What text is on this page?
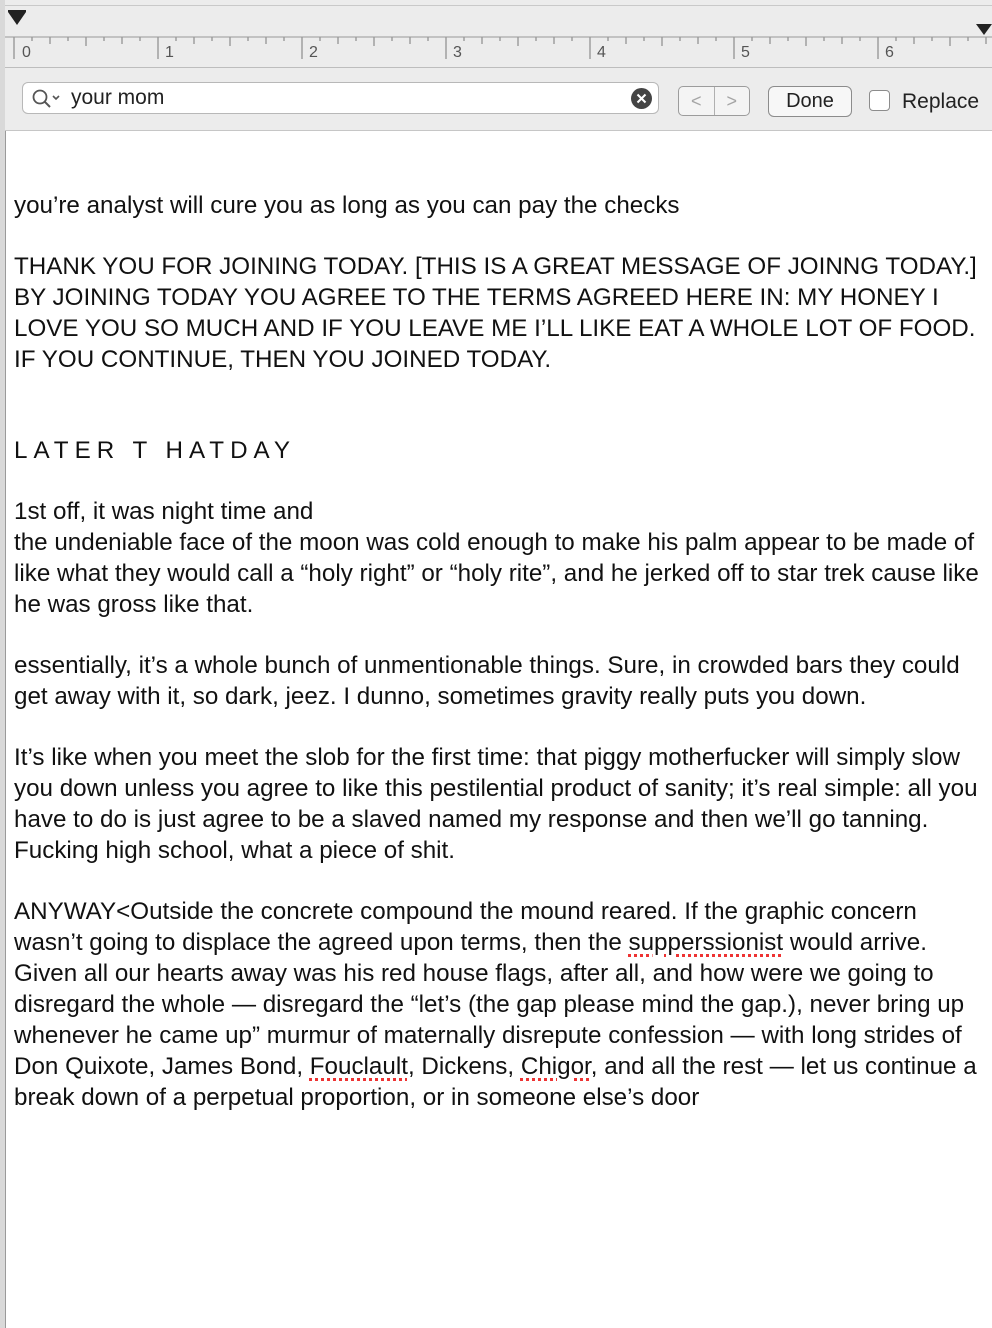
0	1	2	3	4	5	6
your mom
<	>	Done	Replace

you’re analyst will cure you as long as you can pay the checks

THANK YOU FOR JOINING TODAY. [THIS IS A GREAT MESSAGE OF JOINNG TODAY.] BY JOINING TODAY YOU AGREE TO THE TERMS AGREED HERE IN: MY HONEY I LOVE YOU SO MUCH AND IF YOU LEAVE ME I’LL LIKE EAT A WHOLE LOT OF FOOD. IF YOU CONTINUE, THEN YOU JOINED TODAY.

LATER T HATDAY

1st off, it was night time and

the undeniable face of the moon was cold enough to make his palm appear to be made of like what they would call a “holy right” or “holy rite”, and he jerked off to star trek cause like he was gross like that.

essentially, it’s a whole bunch of unmentionable things. Sure, in crowded bars they could get away with it, so dark, jeez. I dunno, sometimes gravity really puts you down.

It’s like when you meet the slob for the first time: that piggy motherfucker will simply slow you down unless you agree to like this pestilential product of sanity; it’s real simple: all you have to do is just agree to be a slaved named my response and then we’ll go tanning. Fucking high school, what a piece of shit.

ANYWAY<Outside the concrete compound the mound reared. If the graphic concern wasn’t going to displace the agreed upon terms, then the supperssionist would arrive. Given all our hearts away was his red house flags, after all, and how were we going to disregard the whole — disregard the “let’s (the gap please mind the gap.), never bring up whenever he came up” murmur of maternally disrepute confession — with long strides of Don Quixote, James Bond, Fouclault, Dickens, Chigor, and all the rest — let us continue a break down of a perpetual proportion, or in someone else’s door
